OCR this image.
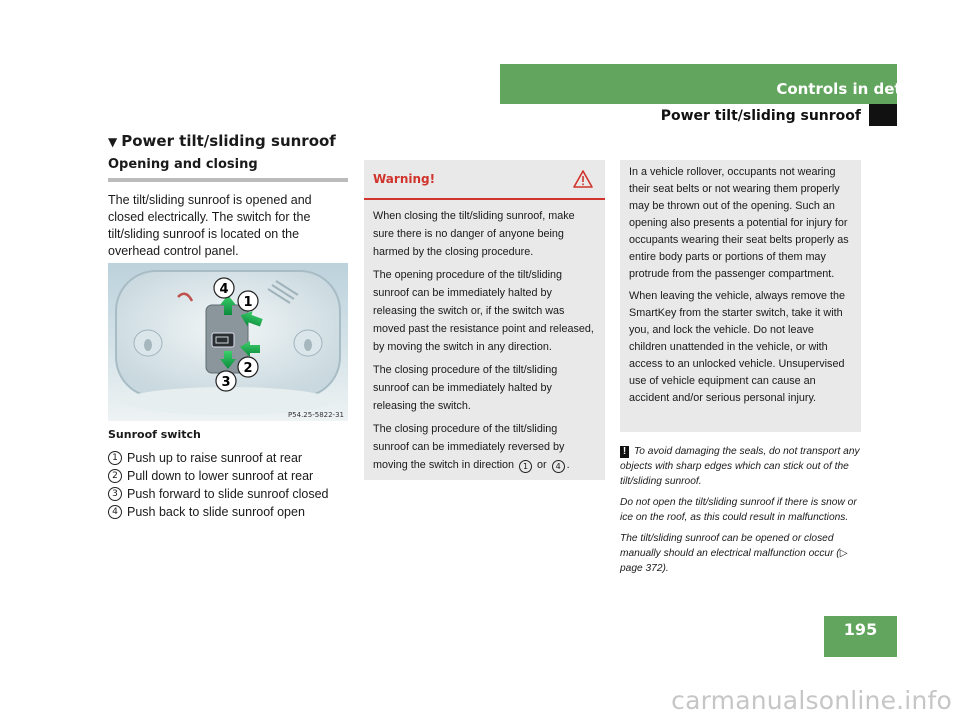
Controls in detail
Power tilt/sliding sunroof
▼ Power tilt/sliding sunroof
Opening and closing
The tilt/sliding sunroof is opened and closed electrically. The switch for the tilt/sliding sunroof is located on the overhead control panel.
4
1
3
2
P54.25-5822-31
Sunroof switch
1 Push up to raise sunroof at rear
2 Pull down to lower sunroof at rear
3 Push forward to slide sunroof closed
4 Push back to slide sunroof open
Warning!

When closing the tilt/sliding sunroof, make sure there is no danger of anyone being harmed by the closing procedure.

The opening procedure of the tilt/sliding sunroof can be immediately halted by releasing the switch or, if the switch was moved past the resistance point and released, by moving the switch in any direction.

The closing procedure of the tilt/sliding sunroof can be immediately halted by releasing the switch.

The closing procedure of the tilt/sliding sunroof can be immediately reversed by moving the switch in direction 1 or 4 .

In a vehicle rollover, occupants not wearing their seat belts or not wearing them properly may be thrown out of the opening. Such an opening also presents a potential for injury for occupants wearing their seat belts properly as entire body parts or portions of them may protrude from the passenger compartment.

When leaving the vehicle, always remove the SmartKey from the starter switch, take it with you, and lock the vehicle. Do not leave children unattended in the vehicle, or with access to an unlocked vehicle. Unsupervised use of vehicle equipment can cause an accident and/or serious personal injury.

! To avoid damaging the seals, do not transport any objects with sharp edges which can stick out of the tilt/sliding sunroof.

Do not open the tilt/sliding sunroof if there is snow or ice on the roof, as this could result in malfunctions.

The tilt/sliding sunroof can be opened or closed manually should an electrical malfunction occur (▷ page 372).

195
carmanualsonline.info
